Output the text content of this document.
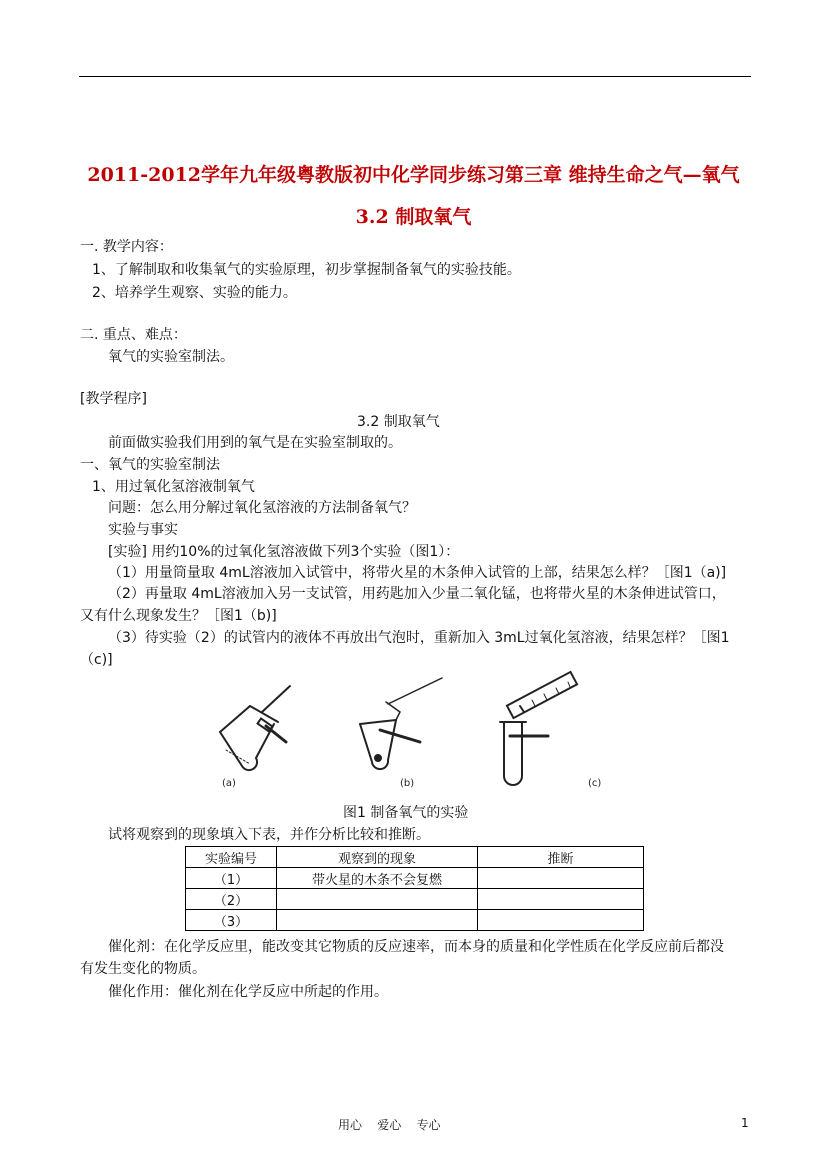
2011-2012学年九年级粤教版初中化学同步练习第三章 维持生命之气—氧气
3.2 制取氧气
一. 教学内容：
1、了解制取和收集氧气的实验原理，初步掌握制备氧气的实验技能。
2、培养学生观察、实验的能力。
二. 重点、难点：
氧气的实验室制法。
[教学程序]
3.2 制取氧气
前面做实验我们用到的氧气是在实验室制取的。
一、氧气的实验室制法
1、用过氧化氢溶液制氧气
问题：怎么用分解过氧化氢溶液的方法制备氧气？
实验与事实
[实验] 用约10%的过氧化氢溶液做下列3个实验（图1）：
（1）用量筒量取 4mL溶液加入试管中，将带火星的木条伸入试管的上部，结果怎么样？［图1（a)]
（2）再量取 4mL溶液加入另一支试管，用药匙加入少量二氧化锰，也将带火星的木条伸进试管口，
又有什么现象发生？［图1（b)]
（3）待实验（2）的试管内的液体不再放出气泡时，重新加入 3mL过氧化氢溶液，结果怎样？［图1
（c)]
(a)	(b)	(c)
图1 制备氧气的实验
试将观察到的现象填入下表，并作分析比较和推断。
实验编号	观察到的现象	推断
（1）	带火星的木条不会复燃	
（2）		
（3）		
催化剂：在化学反应里，能改变其它物质的反应速率，而本身的质量和化学性质在化学反应前后都没
有发生变化的物质。
催化作用：催化剂在化学反应中所起的作用。
用心    爱心    专心	1
